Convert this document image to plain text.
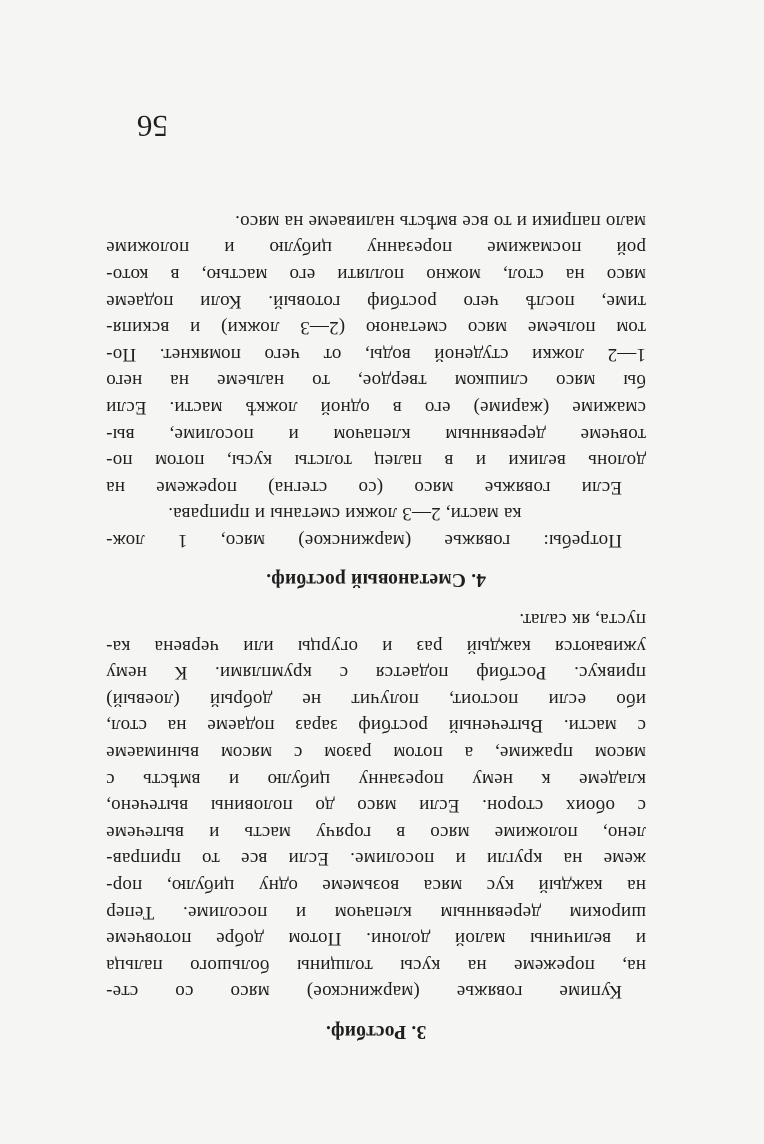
3. Ростбиф.
Купиме говяжье (маржинское) мясо со сте-
на, порежеме на кусы толщины большого пальца
и величины малой долони. Потом добре потовчеме
широким деревянным клепачом и посолиме. Тепер
на каждый кус мяса возьмеме одну цибулю, пор-
жеме на кругли и посолиме. Если все то приправ-
лено, положиме мясо в горячу масть и вытечеме
с обоих сторон. Если мясо до половины вытечено,
кладеме к нему порезанну цибулю и вмѣсть с
мясом пражиме, а потом разом с мясом вынимаеме
с масти. Вытеченый ростбиф зараз подаеме на стол,
ибо если постоит, получит не добрый (лоевый)
привкус. Ростбиф подается с крумплями. К нему
уживаются каждый раз и огурцы или червена ка-
пуста, як салат.
4. Сметановый ростбиф.
Потребы: говяжье (маржинское) мясо, 1 лож-
ка масти, 2—3 ложки сметаны и приправа.
Если говяжье мясо (со стегна) порежеме на
долонь велики и в палец толсты кусы, потом по-
товчеме деревянным клепачом и посолиме, вы-
смажиме (жариме) его в одной ложкѣ масти. Если
бы мясо слишком твердое, то нальеме на него
1—2 ложки студеной воды, от чего помякнет. По-
том польеме мясо сметаною (2—3 ложки) и вскипя-
тиме, послѣ чего ростбиф готовый. Коли подаеме
мясо на стол, можно полляти его мастью, в кото-
рой посмажиме порезанну цибулю и положиме
мало паприки и то все вмѣсть наливаеме на мясо.
56
